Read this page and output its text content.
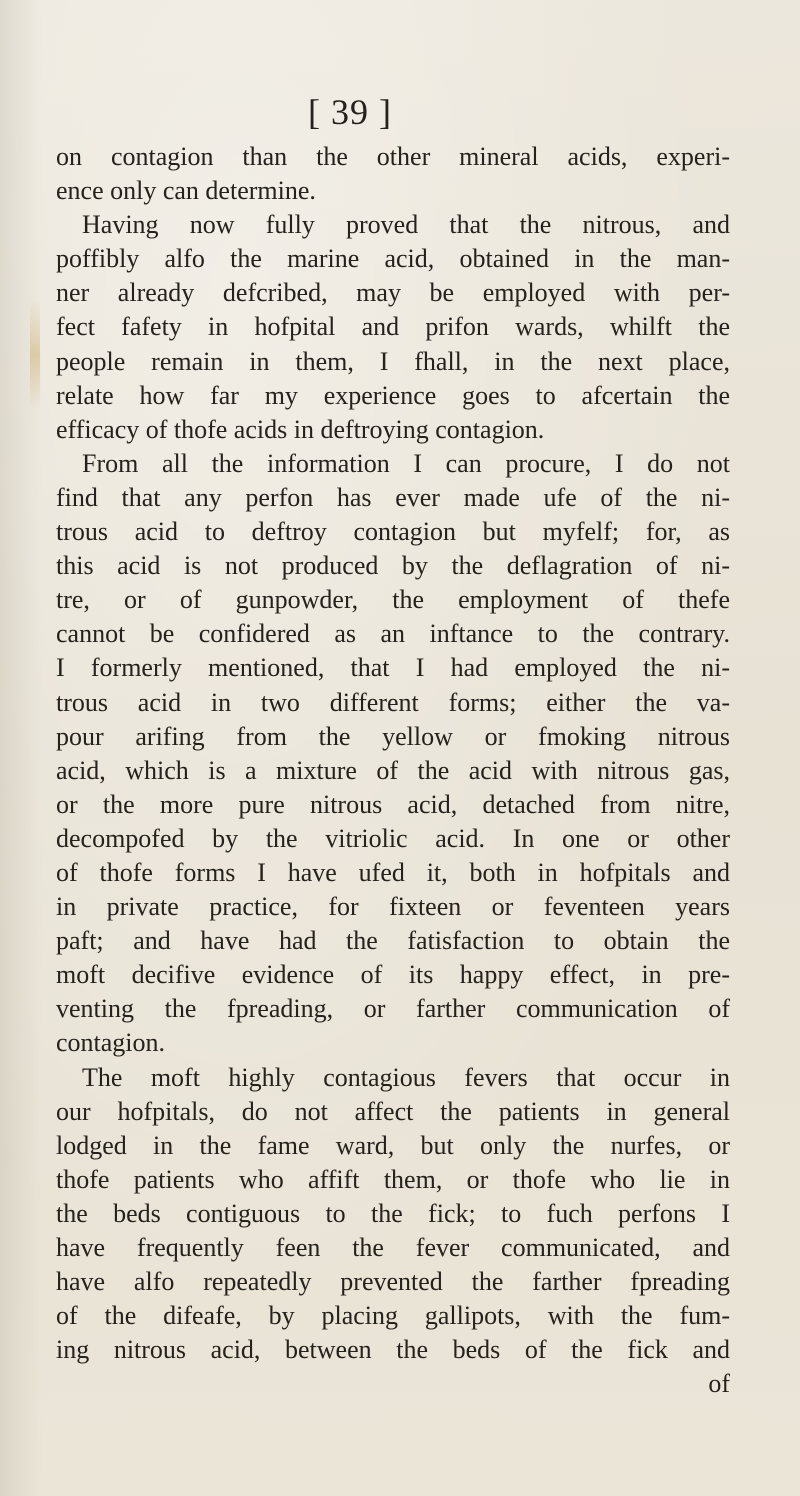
[ 39 ]
on contagion than the other mineral acids, experi-
ence only can determine.
Having now fully proved that the nitrous, and
poffibly alfo the marine acid, obtained in the man-
ner already defcribed, may be employed with per-
fect fafety in hofpital and prifon wards, whilft the
people remain in them, I fhall, in the next place,
relate how far my experience goes to afcertain the
efficacy of thofe acids in deftroying contagion.
From all the information I can procure, I do not
find that any perfon has ever made ufe of the ni-
trous acid to deftroy contagion but myfelf; for, as
this acid is not produced by the deflagration of ni-
tre, or of gunpowder, the employment of thefe
cannot be confidered as an inftance to the contrary.
I formerly mentioned, that I had employed the ni-
trous acid in two different forms; either the va-
pour arifing from the yellow or fmoking nitrous
acid, which is a mixture of the acid with nitrous gas,
or the more pure nitrous acid, detached from nitre,
decompofed by the vitriolic acid. In one or other
of thofe forms I have ufed it, both in hofpitals and
in private practice, for fixteen or feventeen years
paft; and have had the fatisfaction to obtain the
moft decifive evidence of its happy effect, in pre-
venting the fpreading, or farther communication of
contagion.
The moft highly contagious fevers that occur in
our hofpitals, do not affect the patients in general
lodged in the fame ward, but only the nurfes, or
thofe patients who affift them, or thofe who lie in
the beds contiguous to the fick; to fuch perfons I
have frequently feen the fever communicated, and
have alfo repeatedly prevented the farther fpreading
of the difeafe, by placing gallipots, with the fum-
ing nitrous acid, between the beds of the fick and
of
